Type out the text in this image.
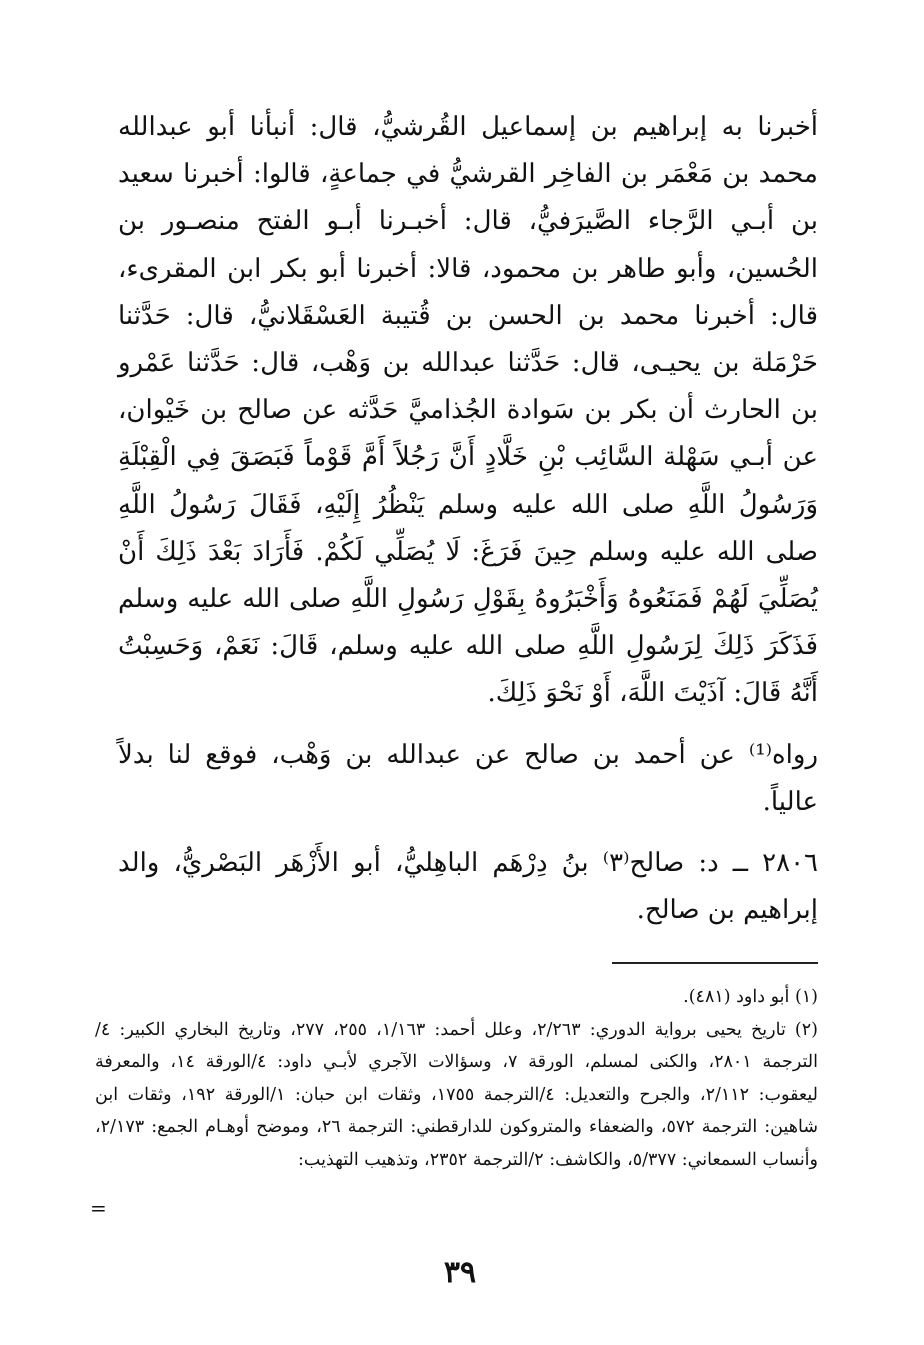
أخبرنا به إبراهيم بن إسماعيل القُرشيُّ، قال: أنبأنا أبو عبدالله محمد بن مَعْمَر بن الفاخِر القرشيُّ في جماعةٍ، قالوا: أخبرنا سعيد بن أبـي الرَّجاء الصَّيرَفيُّ، قال: أخبـرنا أبـو الفتح منصـور بن الحُسين، وأبو طاهر بن محمود، قالا: أخبرنا أبو بكر ابن المقرىء، قال: أخبرنا محمد بن الحسن بن قُتيبة العَسْقَلانيُّ، قال: حَدَّثنا حَرْمَلة بن يحيـى، قال: حَدَّثنا عبدالله بن وَهْب، قال: حَدَّثنا عَمْرو بن الحارث أن بكر بن سَوادة الجُذاميَّ حَدَّثه عن صالح بن خَيْوان، عن أبـي سَهْلة السَّائِب بْنِ خَلَّادٍ أَنَّ رَجُلاً أَمَّ قَوْماً فَبَصَقَ فِي الْقِبْلَةِ وَرَسُولُ اللَّهِ صلى الله عليه وسلم يَنْظُرُ إِلَيْهِ، فَقَالَ رَسُولُ اللَّهِ صلى الله عليه وسلم حِينَ فَرَغَ: لَا يُصَلِّي لَكُمْ. فَأَرَادَ بَعْدَ ذَلِكَ أَنْ يُصَلِّيَ لَهُمْ فَمَنَعُوهُ وَأَخْبَرُوهُ بِقَوْلِ رَسُولِ اللَّهِ صلى الله عليه وسلم فَذَكَرَ ذَلِكَ لِرَسُولِ اللَّهِ صلى الله عليه وسلم، قَالَ: نَعَمْ، وَحَسِبْتُ أَنَّهُ قَالَ: آذَيْتَ اللَّهَ، أَوْ نَحْوَ ذَلِكَ.

رواه⁽¹⁾ عن أحمد بن صالح عن عبدالله بن وَهْب، فوقع لنا بدلاً عالياً.

٢٨٠٦ ــ د: صالح⁽٣⁾ بنُ دِرْهَم الباهِليُّ، أبو الأَزْهَر البَصْريُّ، والد إبراهيم بن صالح.

(١) أبو داود (٤٨١).

(٢) تاريخ يحيى برواية الدوري: ٢/٢٦٣، وعلل أحمد: ١/١٦٣، ٢٥٥، ٢٧٧، وتاريخ البخاري الكبير: ٤/الترجمة ٢٨٠١، والكنى لمسلم، الورقة ٧، وسؤالات الآجري لأبـي داود: ٤/الورقة ١٤، والمعرفة ليعقوب: ٢/١١٢، والجرح والتعديل: ٤/الترجمة ١٧٥٥، وثقات ابن حبان: ١/الورقة ١٩٢، وثقات ابن شاهين: الترجمة ٥٧٢، والضعفاء والمتروكون للدارقطني: الترجمة ٢٦، وموضح أوهـام الجمع: ٢/١٧٣، وأنساب السمعاني: ٥/٣٧٧، والكاشف: ٢/الترجمة ٢٣٥٢، وتذهيب التهذيب:

=
٣٩
